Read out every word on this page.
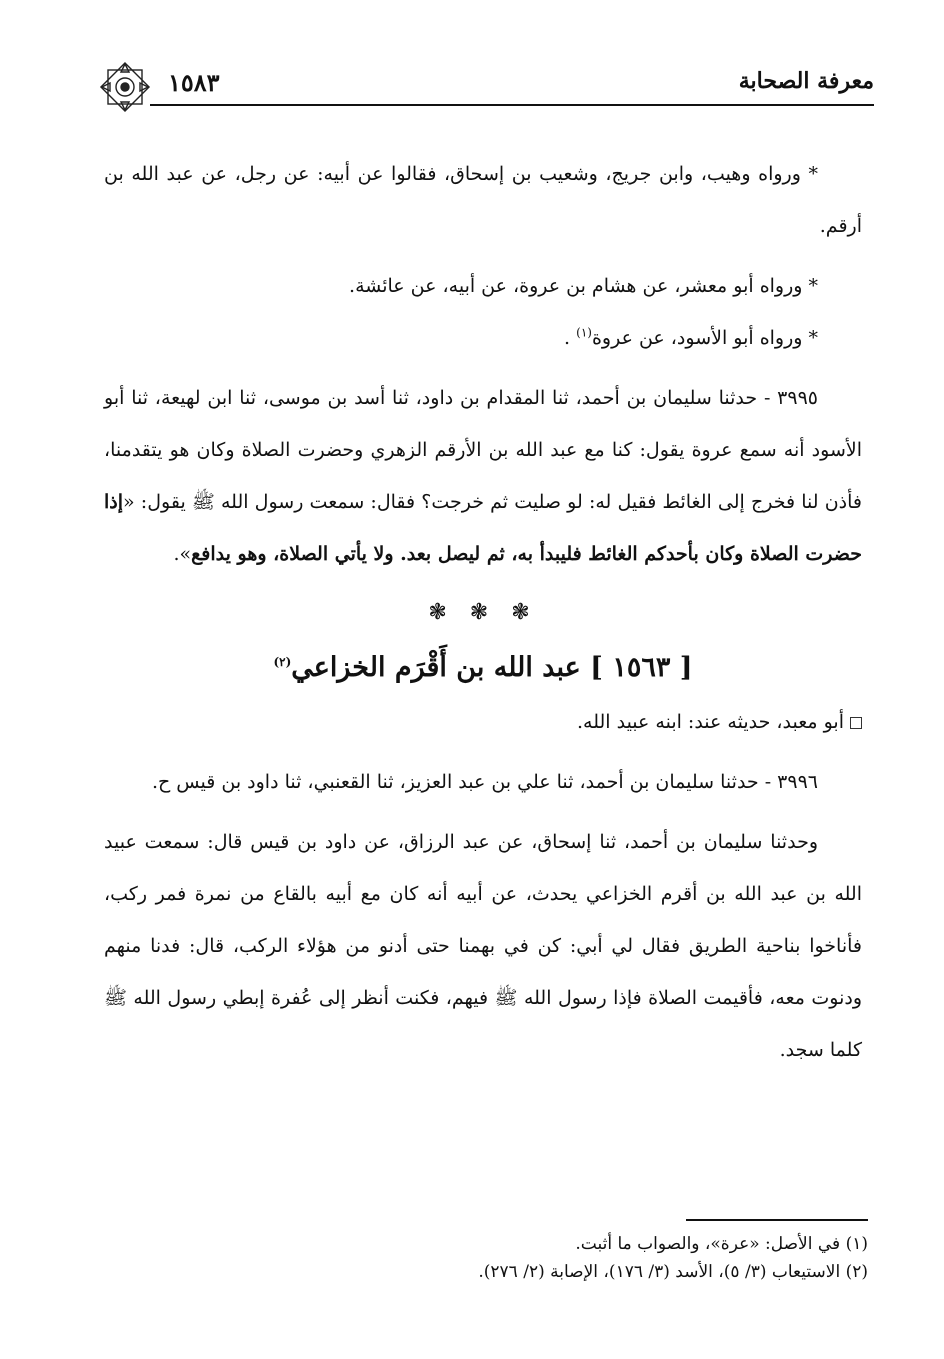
معرفة الصحابة
١٥٨٣

* ورواه وهيب، وابن جريج، وشعيب بن إسحاق، فقالوا عن أبيه: عن رجل، عن عبد الله بن أرقم.

* ورواه أبو معشر، عن هشام بن عروة، عن أبيه، عن عائشة.

* ورواه أبو الأسود، عن عروة$^{(١)}$ .

٣٩٩٥ - حدثنا سليمان بن أحمد، ثنا المقدام بن داود، ثنا أسد بن موسى، ثنا ابن لهيعة، ثنا أبو الأسود أنه سمع عروة يقول: كنا مع عبد الله بن الأرقم الزهري وحضرت الصلاة وكان هو يتقدمنا، فأذن لنا فخرج إلى الغائط فقيل له: لو صليت ثم خرجت؟ فقال: سمعت رسول الله ﷺ يقول: «إذا حضرت الصلاة وكان بأحدكم الغائط فليبدأ به، ثم ليصل بعد. ولا يأتي الصلاة، وهو يدافع».

❃ ❃ ❃
[ ١٥٦٣ ] عبد الله بن أَقْرَم الخزاعي$^{(٢)}$

أبو معبد، حديثه عند: ابنه عبيد الله.

٣٩٩٦ - حدثنا سليمان بن أحمد، ثنا علي بن عبد العزيز، ثنا القعنبي، ثنا داود بن قيس ح.

وحدثنا سليمان بن أحمد، ثنا إسحاق، عن عبد الرزاق، عن داود بن قيس قال: سمعت عبيد الله بن عبد الله بن أقرم الخزاعي يحدث، عن أبيه أنه كان مع أبيه بالقاع من نمرة فمر ركب، فأناخوا بناحية الطريق فقال لي أبي: كن في بهمنا حتى أدنو من هؤلاء الركب، قال: فدنا منهم ودنوت معه، فأقيمت الصلاة فإذا رسول الله ﷺ فيهم، فكنت أنظر إلى عُفرة إبطي رسول الله ﷺ كلما سجد.

(١) في الأصل: «عرة»، والصواب ما أثبت.

(٢) الاستيعاب (٣/ ٥)، الأسد (٣/ ١٧٦)، الإصابة (٢/ ٢٧٦).
